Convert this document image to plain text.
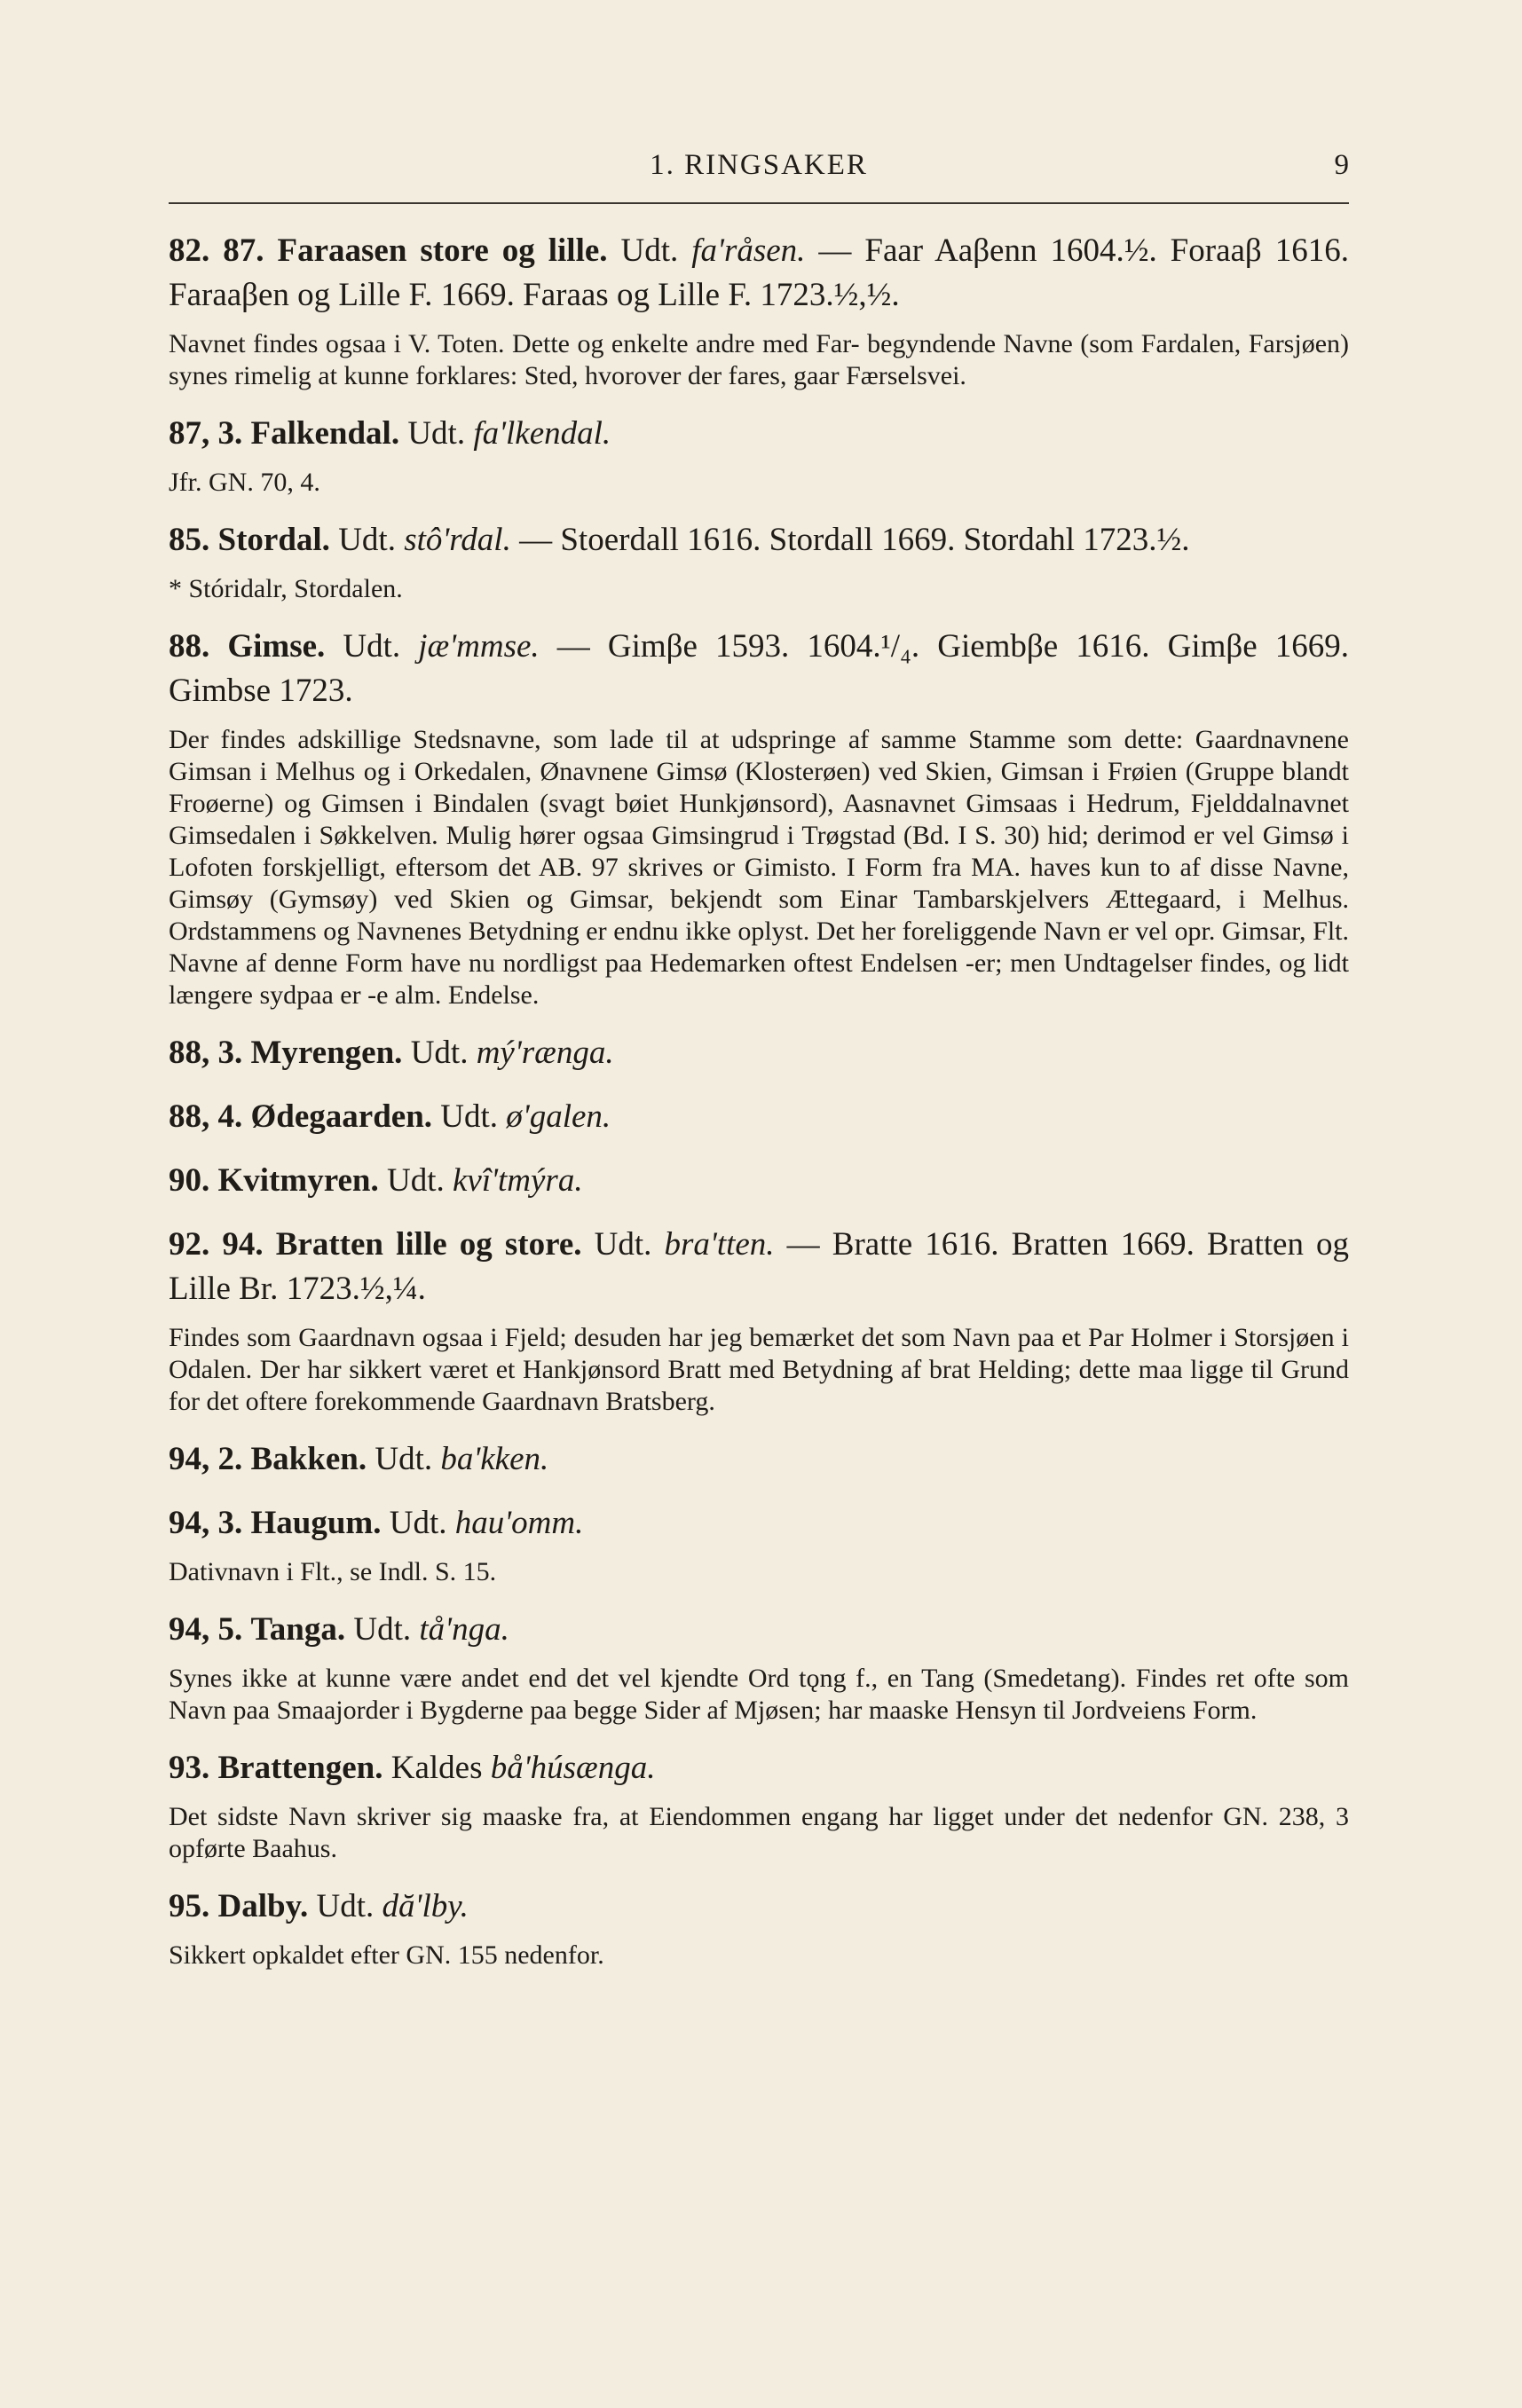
1. RINGSAKER	9

82. 87. Faraasen store og lille. Udt. fa'råsen. — Faar Aaβenn 1604.½. Foraaβ 1616. Faraaβen og Lille F. 1669. Faraas og Lille F. 1723.½,½.

Navnet findes ogsaa i V. Toten. Dette og enkelte andre med Far- begyndende Navne (som Fardalen, Farsjøen) synes rimelig at kunne forklares: Sted, hvorover der fares, gaar Færselsvei.

87, 3. Falkendal. Udt. fa'lkendal.

Jfr. GN. 70, 4.

85. Stordal. Udt. stô'rdal. — Stoerdall 1616. Stordall 1669. Stordahl 1723.½.

* Stóridalr, Stordalen.

88. Gimse. Udt. jæ'mmse. — Gimβe 1593. 1604.¹/₄. Giembβe 1616. Gimβe 1669. Gimbse 1723.

Der findes adskillige Stedsnavne, som lade til at udspringe af samme Stamme som dette: Gaardnavnene Gimsan i Melhus og i Orkedalen, Ønavnene Gimsø (Klosterøen) ved Skien, Gimsan i Frøien (Gruppe blandt Froøerne) og Gimsen i Bindalen (svagt bøiet Hunkjønsord), Aasnavnet Gimsaas i Hedrum, Fjelddalnavnet Gimsedalen i Søkkelven. Mulig hører ogsaa Gimsingrud i Trøgstad (Bd. I S. 30) hid; derimod er vel Gimsø i Lofoten forskjelligt, eftersom det AB. 97 skrives or Gimisto. I Form fra MA. haves kun to af disse Navne, Gimsøy (Gymsøy) ved Skien og Gimsar, bekjendt som Einar Tambarskjelvers Ættegaard, i Melhus. Ordstammens og Navnenes Betydning er endnu ikke oplyst. Det her foreliggende Navn er vel opr. Gimsar, Flt. Navne af denne Form have nu nordligst paa Hedemarken oftest Endelsen -er; men Undtagelser findes, og lidt længere sydpaa er -e alm. Endelse.

88, 3. Myrengen. Udt. mý'rænga.

88, 4. Ødegaarden. Udt. ø'galen.

90. Kvitmyren. Udt. kvî'tmýra.

92. 94. Bratten lille og store. Udt. bra'tten. — Bratte 1616. Bratten 1669. Bratten og Lille Br. 1723.½,¼.

Findes som Gaardnavn ogsaa i Fjeld; desuden har jeg bemærket det som Navn paa et Par Holmer i Storsjøen i Odalen. Der har sikkert været et Hankjønsord Bratt med Betydning af brat Helding; dette maa ligge til Grund for det oftere forekommende Gaardnavn Bratsberg.

94, 2. Bakken. Udt. ba'kken.

94, 3. Haugum. Udt. hau'omm.

Dativnavn i Flt., se Indl. S. 15.

94, 5. Tanga. Udt. tå'nga.

Synes ikke at kunne være andet end det vel kjendte Ord tǫng f., en Tang (Smedetang). Findes ret ofte som Navn paa Smaajorder i Bygderne paa begge Sider af Mjøsen; har maaske Hensyn til Jordveiens Form.

93. Brattengen. Kaldes bå'húsænga.

Det sidste Navn skriver sig maaske fra, at Eiendommen engang har ligget under det nedenfor GN. 238, 3 opførte Baahus.

95. Dalby. Udt. dă'lby.

Sikkert opkaldet efter GN. 155 nedenfor.
